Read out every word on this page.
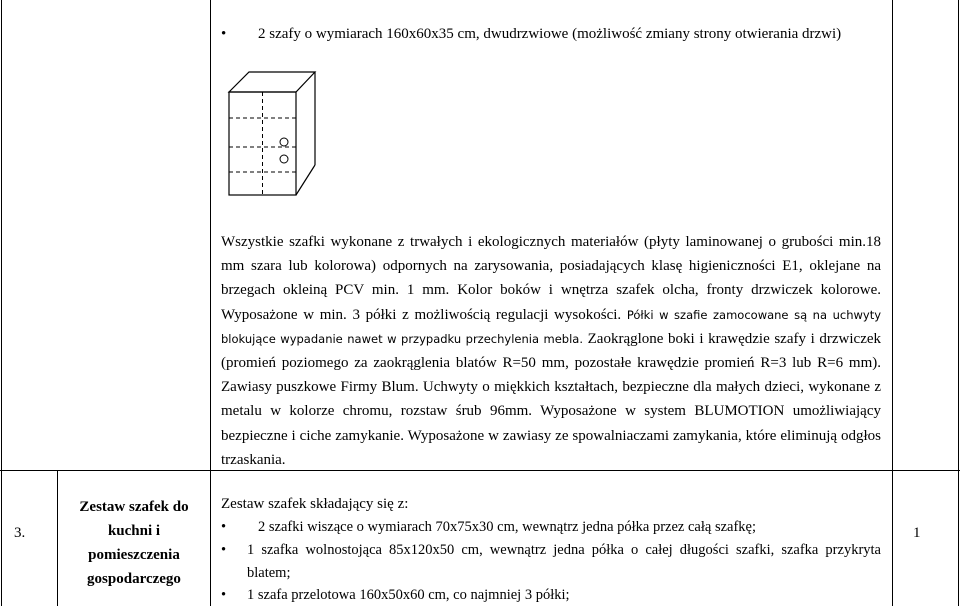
• 2 szafy o wymiarach 160x60x35 cm, dwudrzwiowe (możliwość zmiany strony otwierania drzwi)
Wszystkie szafki wykonane z trwałych i ekologicznych materiałów (płyty laminowanej o grubości min.18 mm szara lub kolorowa) odpornych na zarysowania, posiadających klasę higieniczności E1, oklejane na brzegach okleiną PCV min. 1 mm. Kolor boków i wnętrza szafek olcha, fronty drzwiczek kolorowe. Wyposażone w min. 3 półki z możliwością regulacji wysokości. Półki w szafie zamocowane są na uchwyty blokujące wypadanie nawet w przypadku przechylenia mebla. Zaokrąglone boki i krawędzie szafy i drzwiczek (promień poziomego za zaokrąglenia blatów R=50 mm, pozostałe krawędzie promień R=3 lub R=6 mm). Zawiasy puszkowe Firmy Blum. Uchwyty o miękkich kształtach, bezpieczne dla małych dzieci, wykonane z metalu w kolorze chromu, rozstaw śrub 96mm. Wyposażone w system BLUMOTION umożliwiający bezpieczne i ciche zamykanie. Wyposażone w zawiasy ze spowalniaczami zamykania, które eliminują odgłos trzaskania.
3.
Zestaw szafek do kuchni i pomieszczenia gospodarczego
Zestaw szafek składający się z:
• 2 szafki wiszące o wymiarach 70x75x30 cm, wewnątrz jedna półka przez całą szafkę;
• 1 szafka wolnostojąca 85x120x50 cm, wewnątrz jedna półka o całej długości szafki, szafka przykryta blatem;
• 1 szafa przelotowa 160x50x60 cm, co najmniej 3 półki;
1
